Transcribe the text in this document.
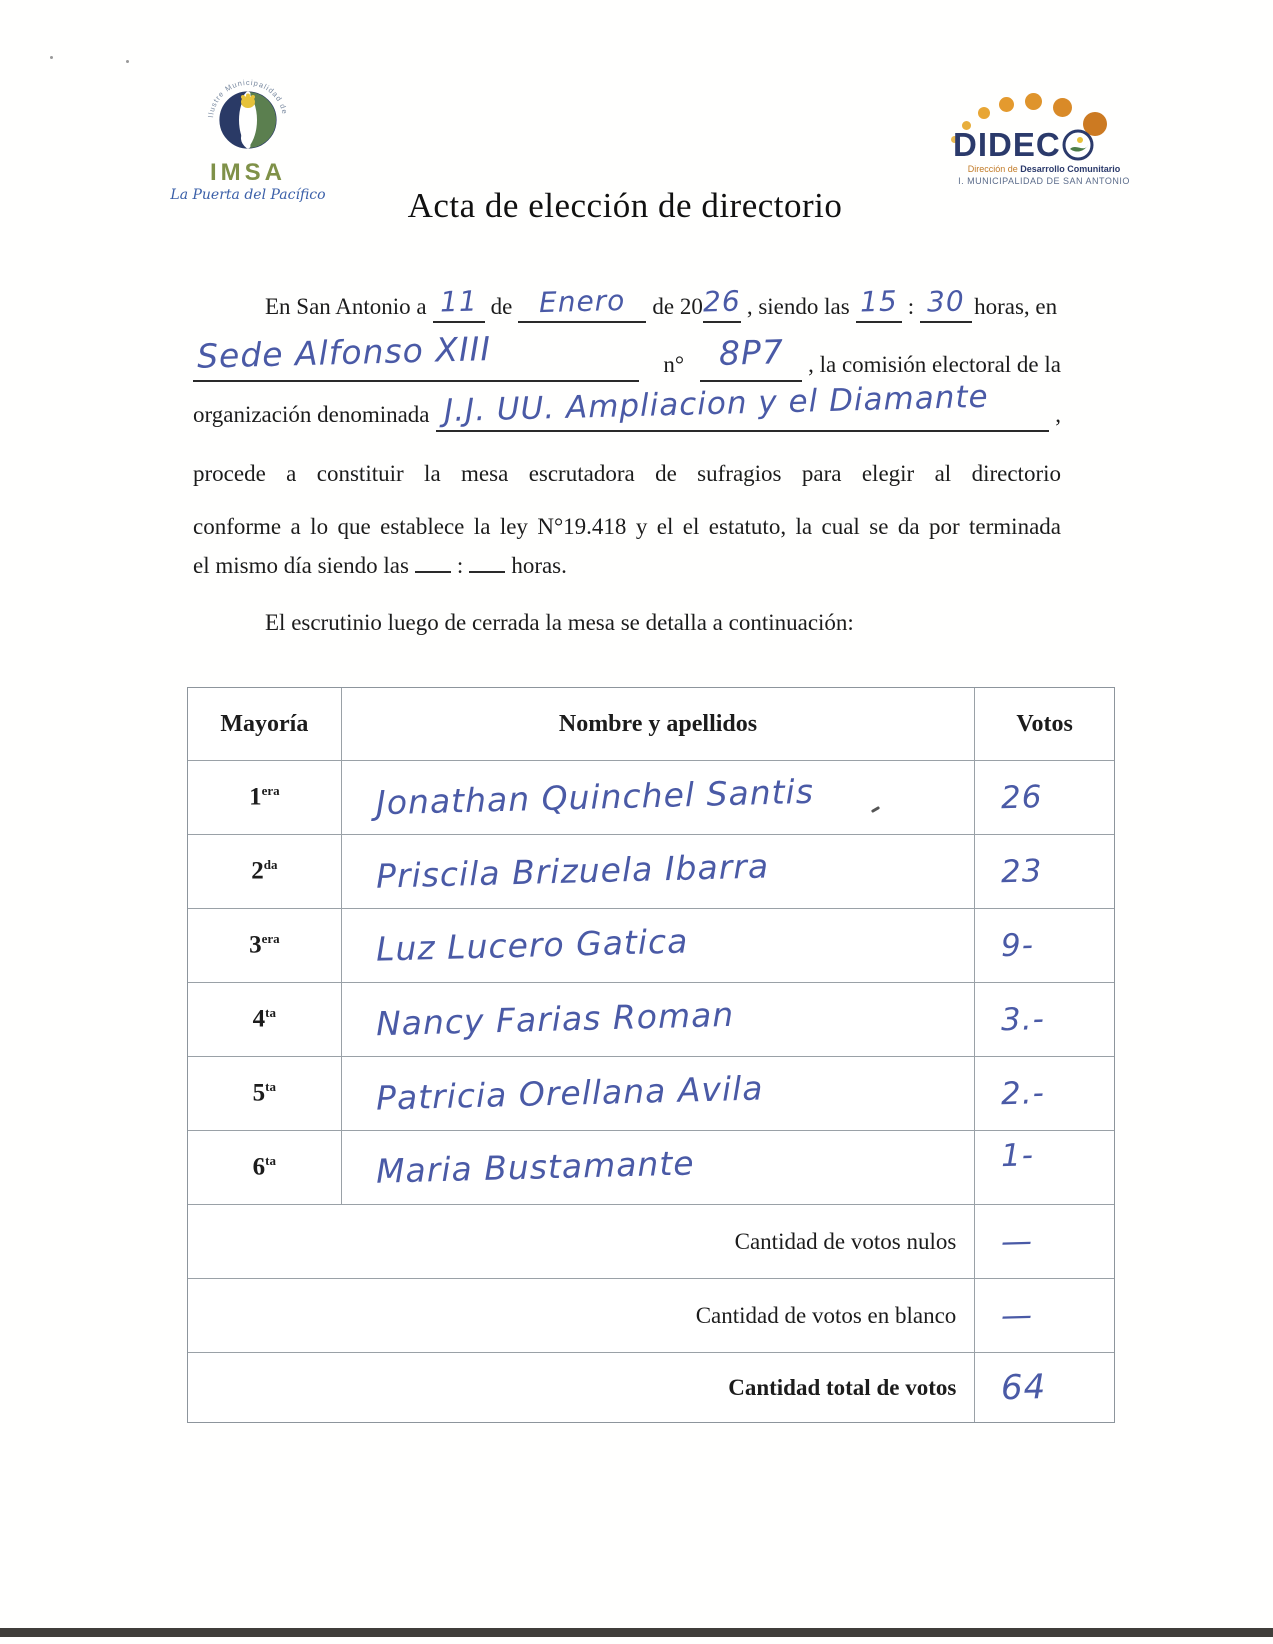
Ilustre Municipalidad de
IMSA
La Puerta del Pacífico
DIDEC
Dirección de Desarrollo Comunitario
I. MUNICIPALIDAD DE SAN ANTONIO
Acta de elección de directorio
En San Antonio a 11 de Enero de 20 26 , siendo las 15 : 30 horas, en
Sede Alfonso XIII	n° 8P7 , la comisión electoral de la
organización denominada J.J. UU. Ampliacion y el Diamante	,
procede a constituir la mesa escrutadora de sufragios para elegir al directorio
conforme a lo que establece la ley N°19.418 y el el estatuto, la cual se da por terminada
el mismo día siendo las : horas.
El escrutinio luego de cerrada la mesa se detalla a continuación:
Mayoría	Nombre y apellidos	Votos
$1^{era}$	Jonathan Quinchel Santis	26
$2^{da}$	Priscila Brizuela Ibarra	23
$3^{era}$	Luz Lucero Gatica	9-
$4^{ta}$	Nancy Farias Roman	3.-
$5^{ta}$	Patricia Orellana Avila	2.-
$6^{ta}$	Maria Bustamante	1-
Cantidad de votos nulos	—
Cantidad de votos en blanco	—
Cantidad total de votos	64
